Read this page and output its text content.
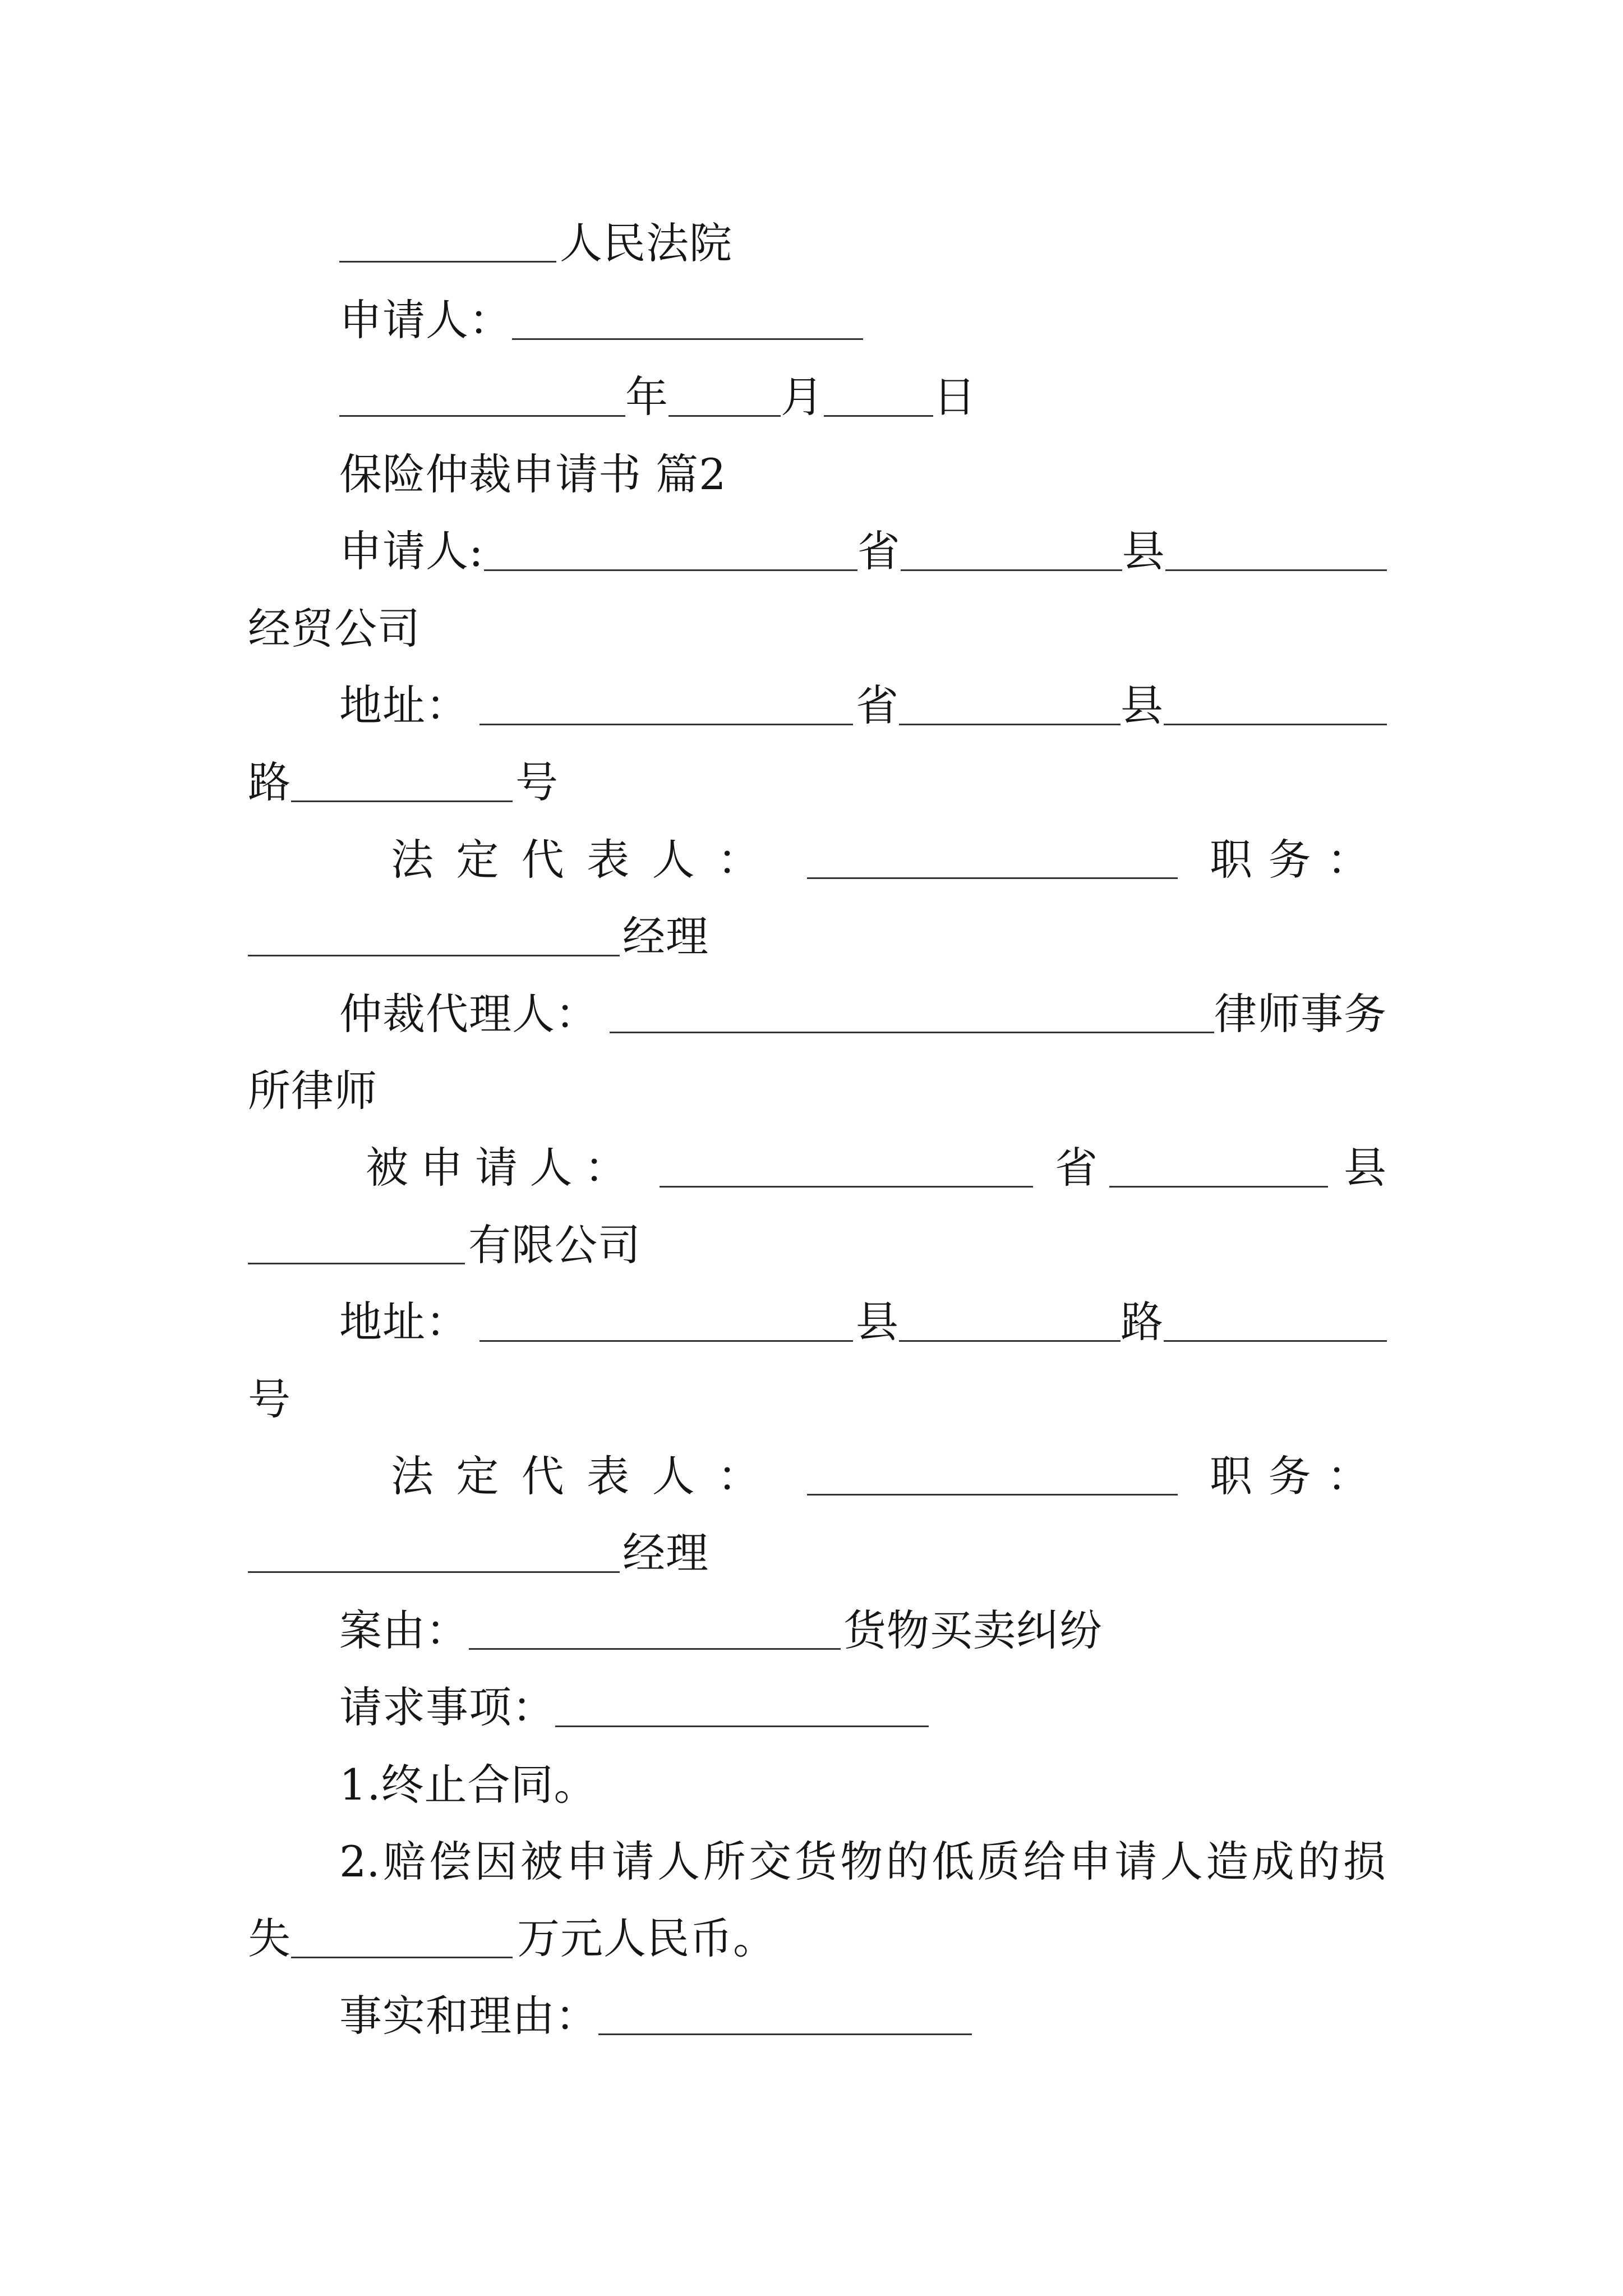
人民法院
申请人：
年	月	日
保险仲裁申请书 篇2
申请人:	省	县
经贸公司
地址：	省	县
路	号
法 定 代 表 人 ：	职 务 ：
经理
仲裁代理人：	律师事务
所律师
被 申 请 人 ：	省	县
有限公司
地址：	县	路
号
法 定 代 表 人 ：	职 务 ：
经理
案由：	货物买卖纠纷
请求事项：
1.终止合同。
2. 赔 偿 因 被 申 请 人 所 交 货 物 的 低 质 给 申 请 人 造 成 的 损
失	万元人民币。
事实和理由：
